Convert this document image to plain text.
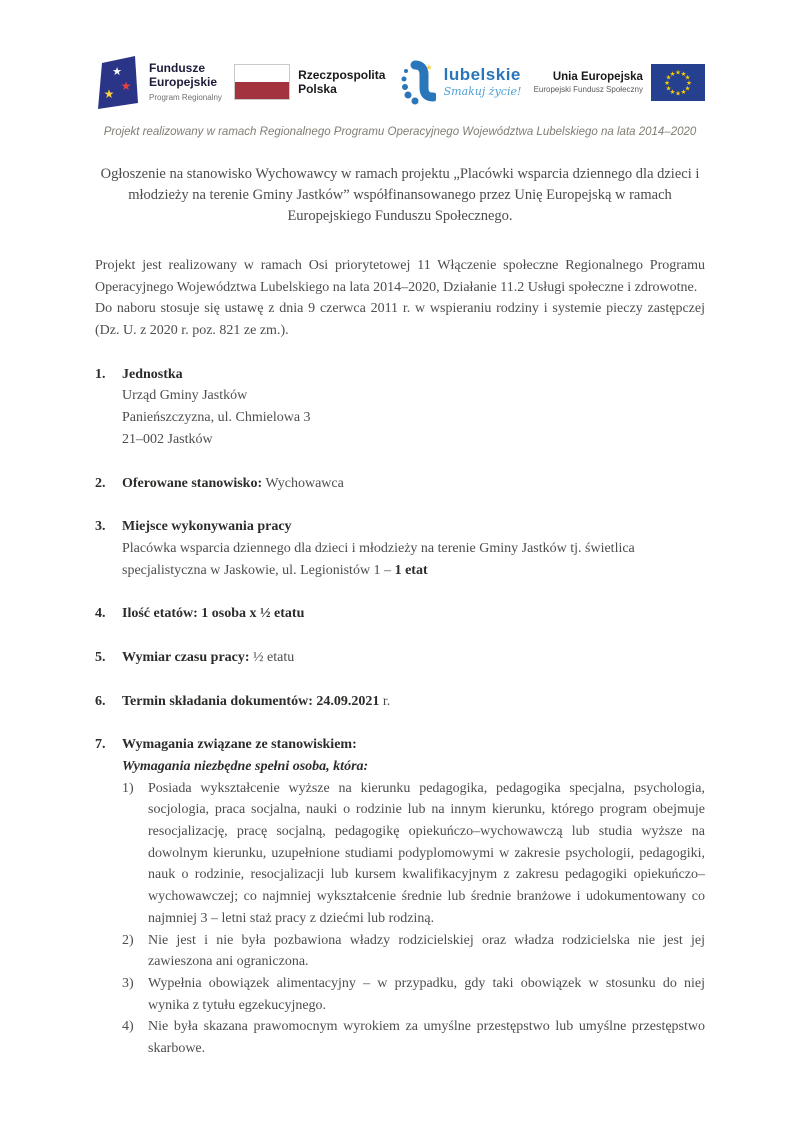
★
★
★
Fundusze
Europejskie
Program Regionalny
Rzeczpospolita
Polska
★ lubelskie
Smakuj życie!
Unia Europejska
Europejski Fundusz Społeczny
★ ★
★
★
★
★
★
★
★
★
★
★
Projekt realizowany w ramach Regionalnego Programu Operacyjnego Województwa Lubelskiego na lata 2014–2020
Ogłoszenie na stanowisko Wychowawcy w ramach projektu „Placówki wsparcia dziennego dla dzieci i młodzieży na terenie Gminy Jastków” współfinansowanego przez Unię Europejską w ramach Europejskiego Funduszu Społecznego.

Projekt jest realizowany w ramach Osi priorytetowej 11 Włączenie społeczne Regionalnego Programu Operacyjnego Województwa Lubelskiego na lata 2014–2020, Działanie 11.2 Usługi społeczne i zdrowotne.

Do naboru stosuje się ustawę z dnia 9 czerwca 2011 r. w wspieraniu rodziny i systemie pieczy zastępczej (Dz. U. z 2020 r. poz. 821 ze zm.).

1.	Jednostka
Urząd Gminy Jastków
Panieńszczyzna, ul. Chmielowa 3
21–002 Jastków
2.	Oferowane stanowisko: Wychowawca
3.	Miejsce wykonywania pracy
Placówka wsparcia dziennego dla dzieci i młodzieży na terenie Gminy Jastków tj. świetlica specjalistyczna w Jaskowie, ul. Legionistów 1 – 1 etat
4.	Ilość etatów: 1 osoba x ½ etatu
5.	Wymiar czasu pracy: ½ etatu
6.	Termin składania dokumentów: 24.09.2021 r.
7.	Wymagania związane ze stanowiskiem:
Wymagania niezbędne spełni osoba, która:
1)	Posiada wykształcenie wyższe na kierunku pedagogika, pedagogika specjalna, psychologia, socjologia, praca socjalna, nauki o rodzinie lub na innym kierunku, którego program obejmuje resocjalizację, pracę socjalną, pedagogikę opiekuńczo–wychowawczą lub studia wyższe na dowolnym kierunku, uzupełnione studiami podyplomowymi w zakresie psychologii, pedagogiki, nauk o rodzinie, resocjalizacji lub kursem kwalifikacyjnym z zakresu pedagogiki opiekuńczo–wychowawczej; co najmniej wykształcenie średnie lub średnie branżowe i udokumentowany co najmniej 3 – letni staż pracy z dziećmi lub rodziną.
2)	Nie jest i nie była pozbawiona władzy rodzicielskiej oraz władza rodzicielska nie jest jej zawieszona ani ograniczona.
3)	Wypełnia obowiązek alimentacyjny – w przypadku, gdy taki obowiązek w stosunku do niej wynika z tytułu egzekucyjnego.
4)	Nie była skazana prawomocnym wyrokiem za umyślne przestępstwo lub umyślne przestępstwo skarbowe.
